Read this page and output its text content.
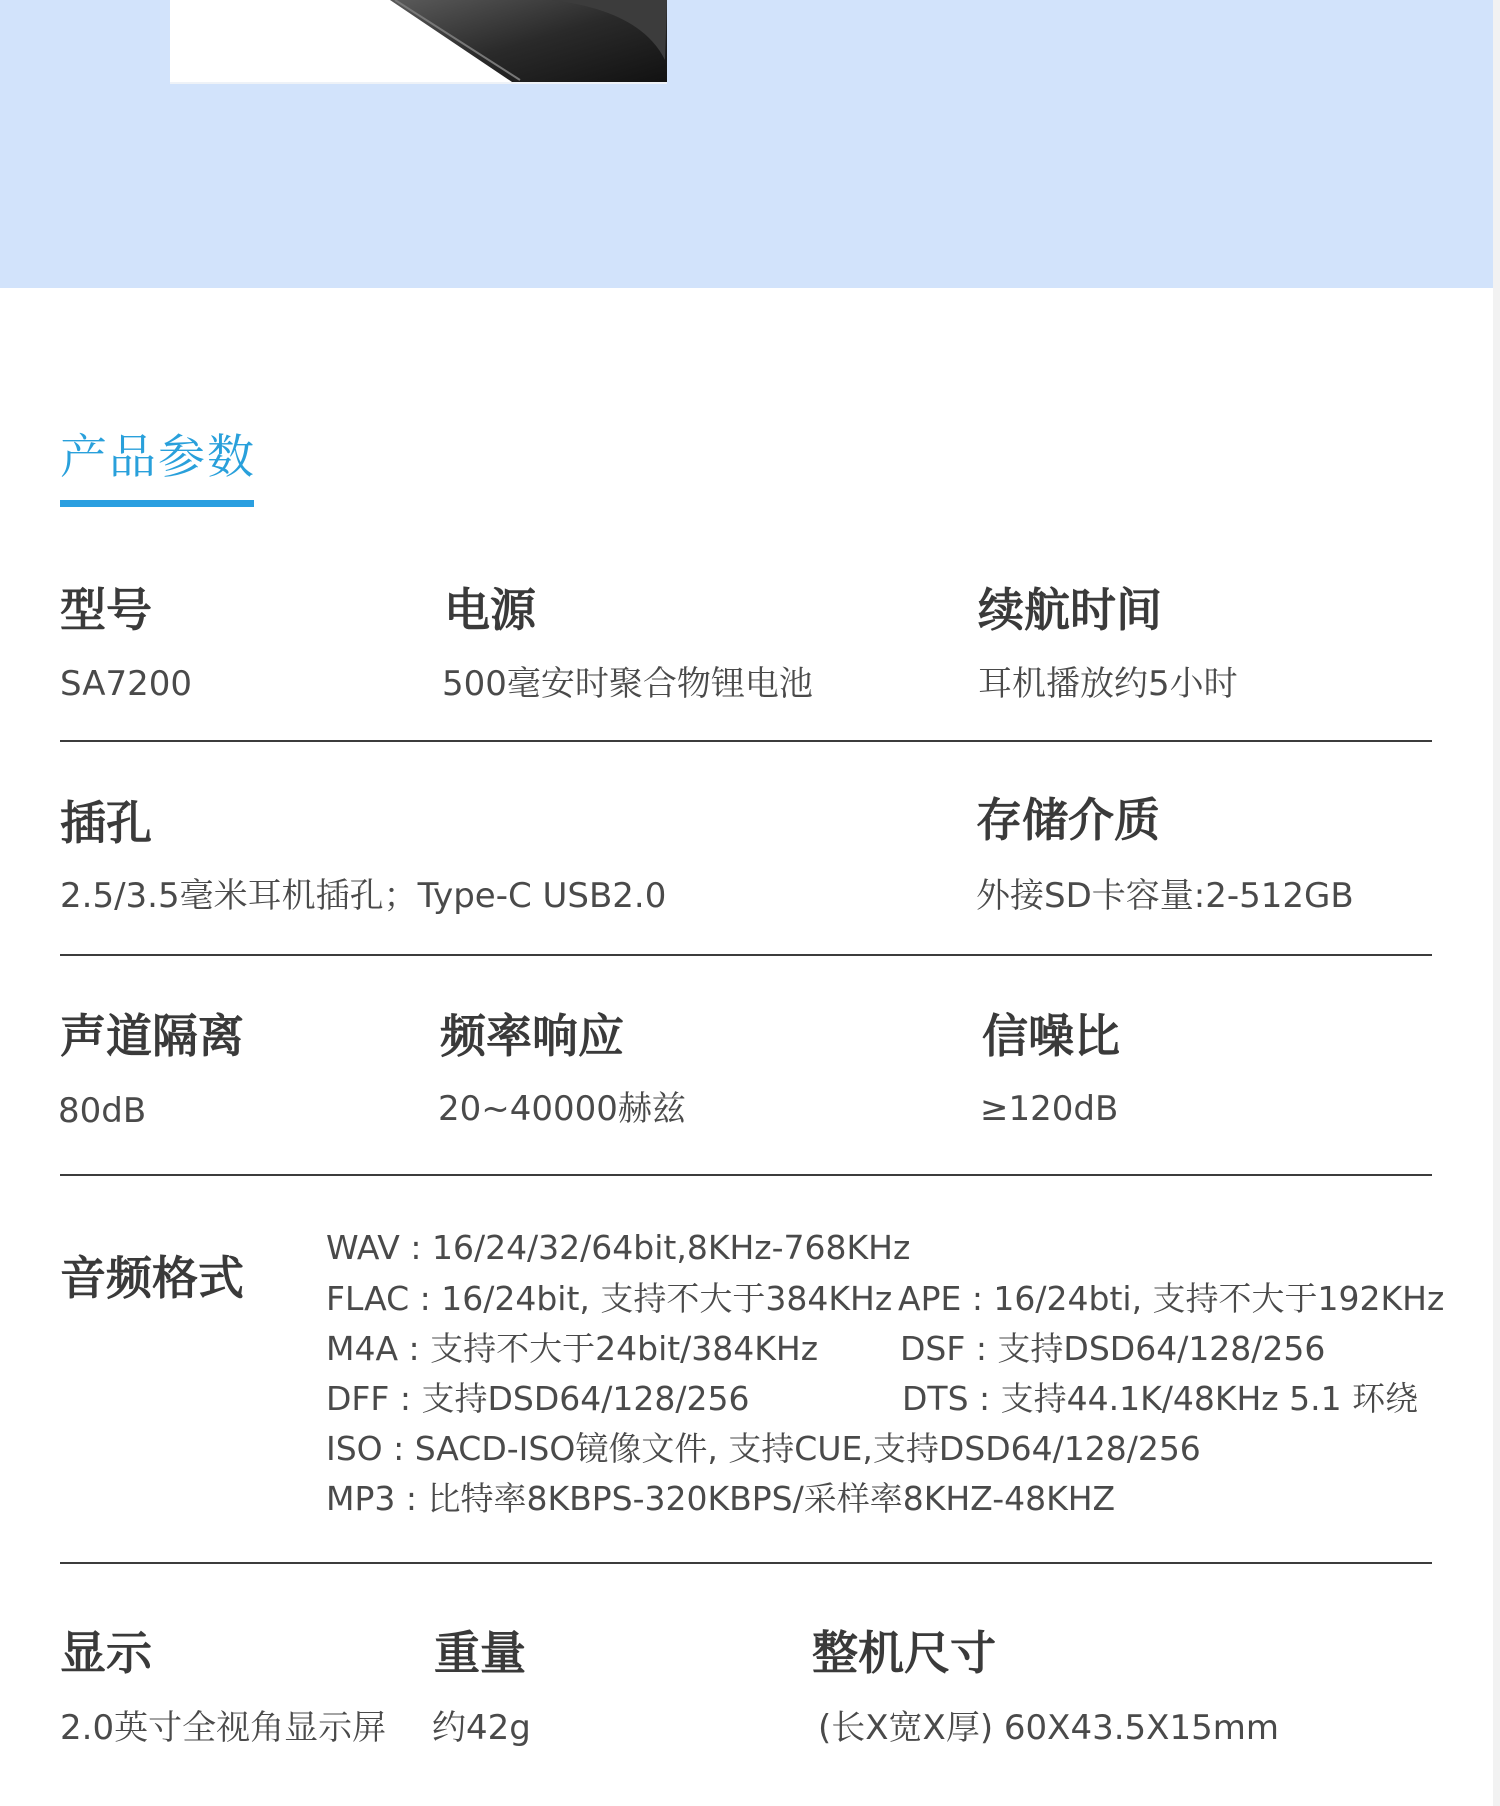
产品参数
型号
SA7200
电源
500毫安时聚合物锂电池
续航时间
耳机播放约5小时
插孔
2.5/3.5毫米耳机插孔；Type-C USB2.0
存储介质
外接SD卡容量:2-512GB
声道隔离
80dB
频率响应
20~40000赫兹
信噪比
≥120dB
音频格式
WAV : 16/24/32/64bit,8KHz-768KHz
FLAC : 16/24bit, 支持不大于384KHz APE : 16/24bti, 支持不大于192KHz
M4A : 支持不大于24bit/384KHz DSF : 支持DSD64/128/256
DFF : 支持DSD64/128/256	DTS : 支持44.1K/48KHz 5.1 环绕
ISO : SACD-ISO镜像文件, 支持CUE,支持DSD64/128/256
MP3 : 比特率8KBPS-320KBPS/采样率8KHZ-48KHZ
显示
2.0英寸全视角显示屏
重量
约42g
整机尺寸
(长X宽X厚) 60X43.5X15mm
